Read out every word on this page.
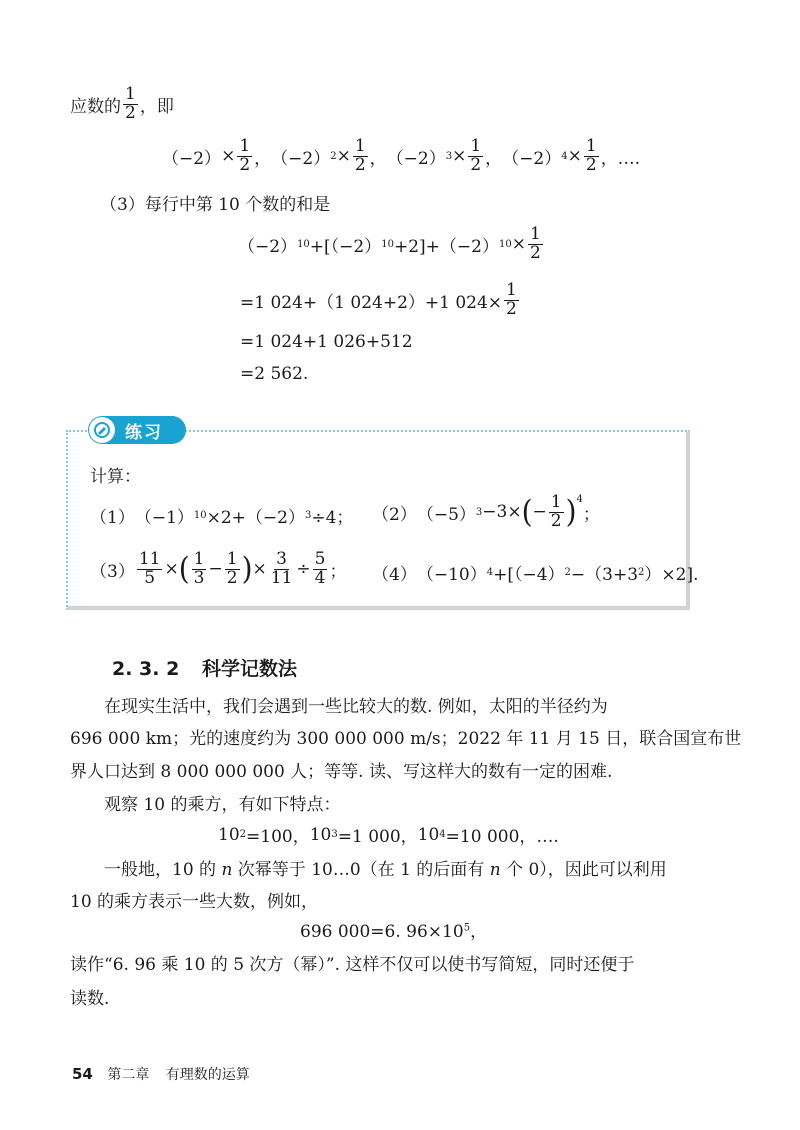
应数的 $\frac{1}{2}$ ，即
$(-2) \times \frac{1}{2}$ ， （−2） $2 \times \frac{1}{2}$ ， （−2） $3 \times \frac{1}{2}$ ， （−2） $4 \times \frac{1}{2}$ ，….
（3）每行中第 10 个数的和是
（−2） 10 +[（−2） 10 +2]+（−2） $10 \times \frac{1}{2}$
=1 024+（1 024+2）+1 $024\times \frac{1}{2}$
=1 024+1 026+512
=2 562.
练习
计算：
（1） （−1） 10 ×2+（−2） 3 ÷4； （2） （−5） 3 −3× ( − $\frac{1}{2} )^4$
；
$(3) \frac{11}{5}$ × ( $\frac{1}{3} - \frac{1}{2}$ ) × $\frac{3}{11} \div \frac{5}{4}$ ； （4） （−10） 4 +[（−4） 2 −（3+3 2 ）×2].
2. 3. 2 科学记数法
在现实生活中，我们会遇到一些比较大的数. 例如，太阳的半径约为
696 000 km；光的速度约为 300 000 000 m/s；2022 年 11 月 15 日，联合国宣布世
界人口达到 8 000 000 000 人；等等. 读、写这样大的数有一定的困难.
观察 10 的乘方，有如下特点：
10 2 =100， 10 3 =1 000， 10 4 =10 000，….
一般地，10 的 n 次幂等于 10…0（在 1 的后面有 n 个 0），因此可以利用
10 的乘方表示一些大数，例如，
696 000=6. $96\times 10^5$，
读作“6. 96 乘 10 的 5 次方（幂）”. 这样不仅可以使书写简短，同时还便于
读数.
54 第二章 有理数的运算
